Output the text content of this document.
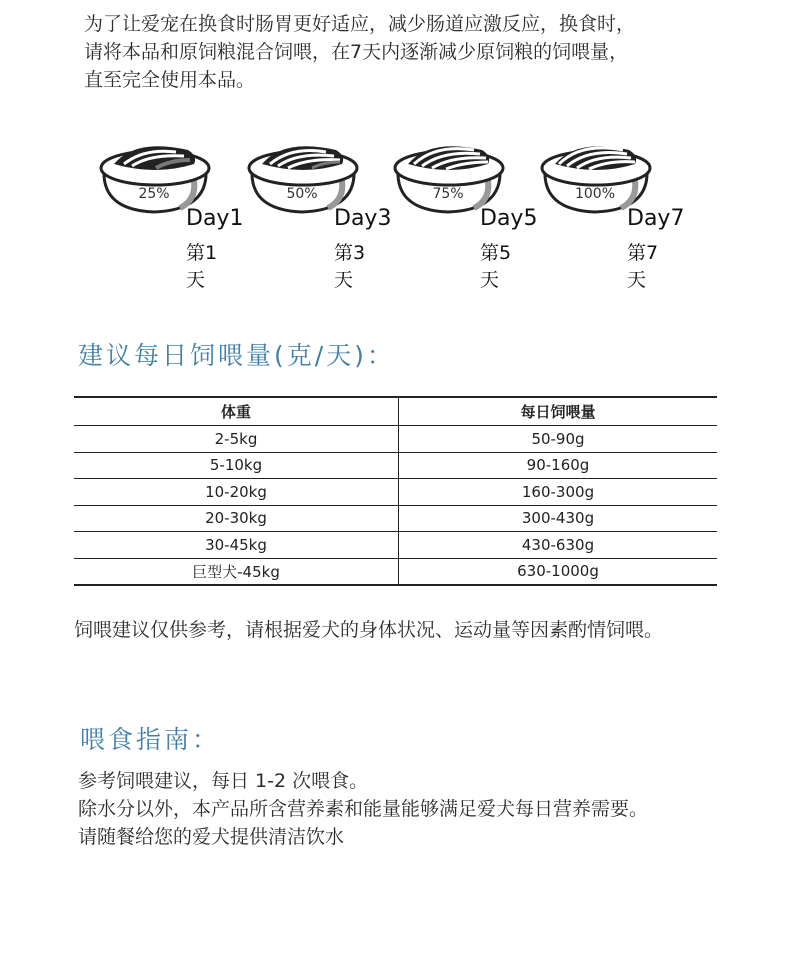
为了让爱宠在换食时肠胃更好适应，减少肠道应激反应，换食时，

请将本品和原饲粮混合饲喂，在7天内逐渐减少原饲粮的饲喂量，

直至完全使用本品。

25%
Day1
第1天
50%
Day3
第3天
75%
Day5
第5天
100%
Day7
第7天
建议每日饲喂量(克/天)：
体重	每日饲喂量
2-5kg	50-90g
5-10kg	90-160g
10-20kg	160-300g
20-30kg	300-430g
30-45kg	430-630g
巨型犬-45kg	630-1000g
饲喂建议仅供参考，请根据爱犬的身体状况、运动量等因素酌情饲喂。
喂食指南：

参考饲喂建议，每日 1-2 次喂食。

除水分以外，本产品所含营养素和能量能够满足爱犬每日营养需要。

请随餐给您的爱犬提供清洁饮水
